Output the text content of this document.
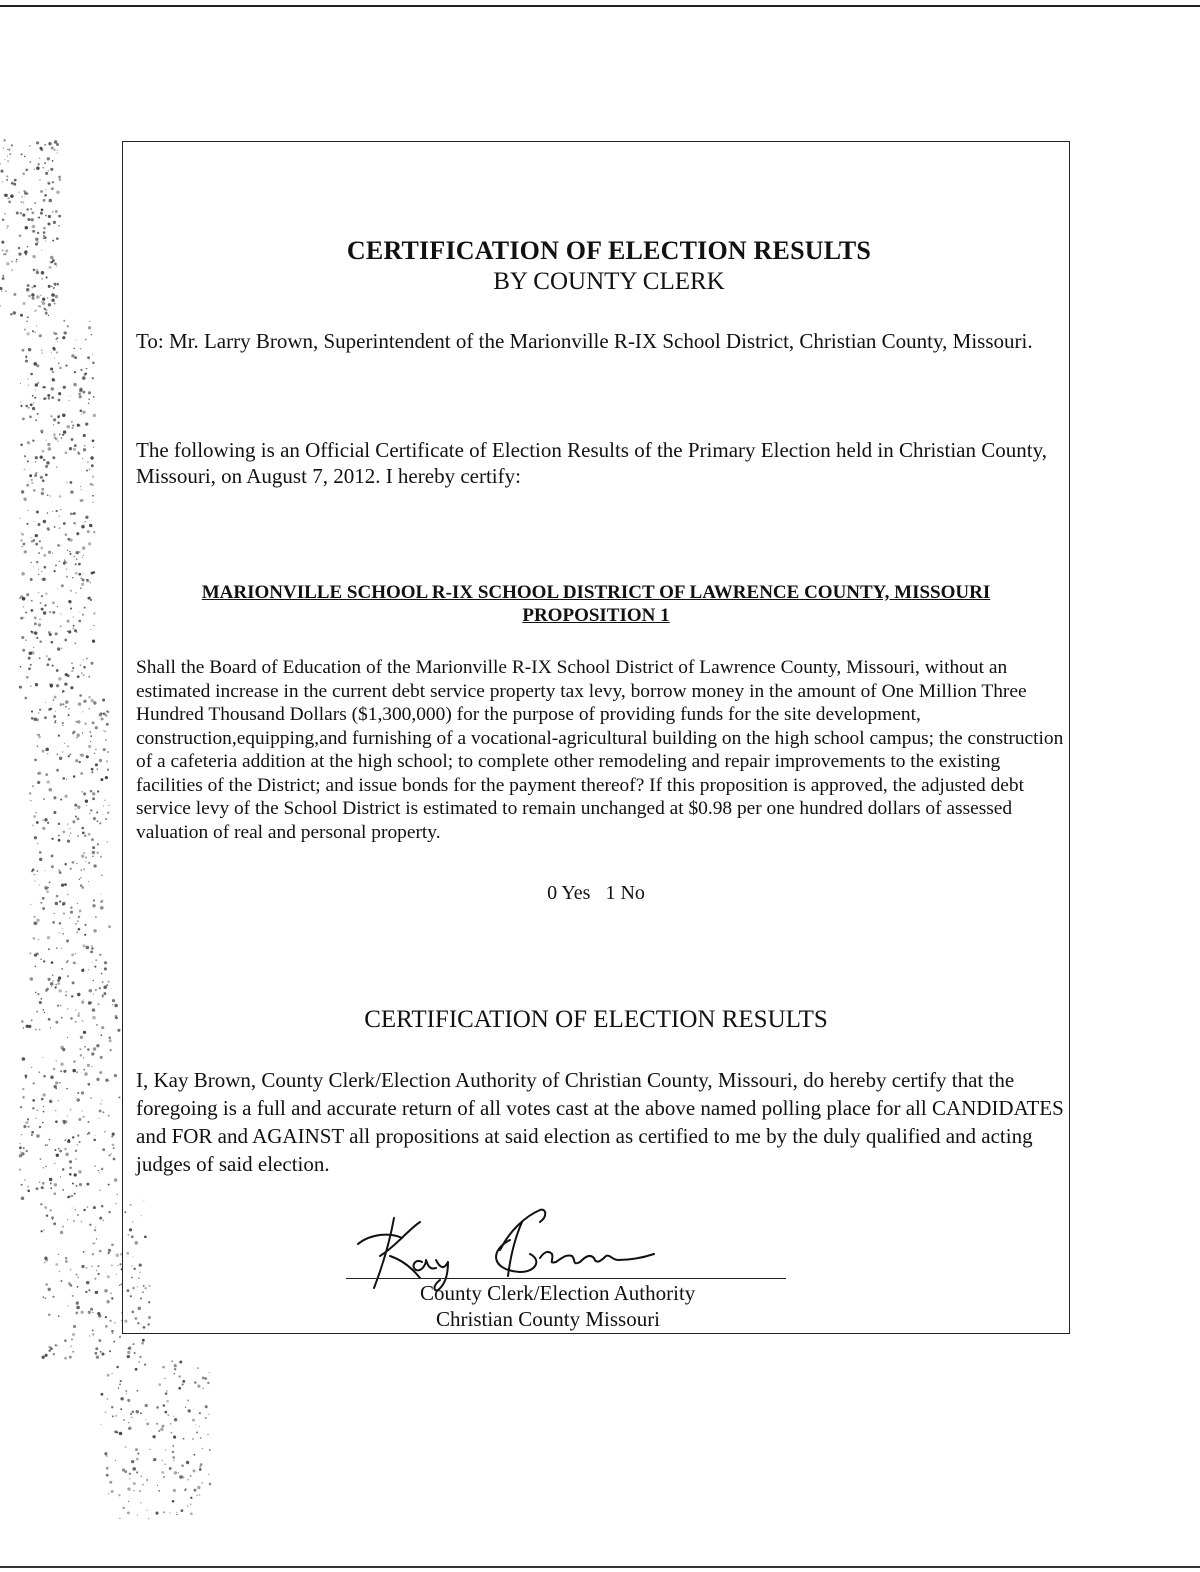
CERTIFICATION OF ELECTION RESULTS
BY COUNTY CLERK

To: Mr. Larry Brown, Superintendent of the Marionville R-IX School District, Christian County, Missouri.

The following is an Official Certificate of Election Results of the Primary Election held in Christian County, Missouri, on August 7, 2012. I hereby certify:

MARIONVILLE SCHOOL R-IX SCHOOL DISTRICT OF LAWRENCE COUNTY, MISSOURI
PROPOSITION 1

Shall the Board of Education of the Marionville R-IX School District of Lawrence County, Missouri, without an estimated increase in the current debt service property tax levy, borrow money in the amount of One Million Three Hundred Thousand Dollars ($1,300,000) for the purpose of providing funds for the site development, construction,equipping,and furnishing of a vocational-agricultural building on the high school campus; the construction of a cafeteria addition at the high school; to complete other remodeling and repair improvements to the existing facilities of the District; and issue bonds for the payment thereof? If this proposition is approved, the adjusted debt service levy of the School District is estimated to remain unchanged at $0.98 per one hundred dollars of assessed valuation of real and personal property.

0 Yes 1 No
CERTIFICATION OF ELECTION RESULTS

I, Kay Brown, County Clerk/Election Authority of Christian County, Missouri, do hereby certify that the foregoing is a full and accurate return of all votes cast at the above named polling place for all CANDIDATES and FOR and AGAINST all propositions at said election as certified to me by the duly qualified and acting judges of said election.

County Clerk/Election Authority
Christian County Missouri
